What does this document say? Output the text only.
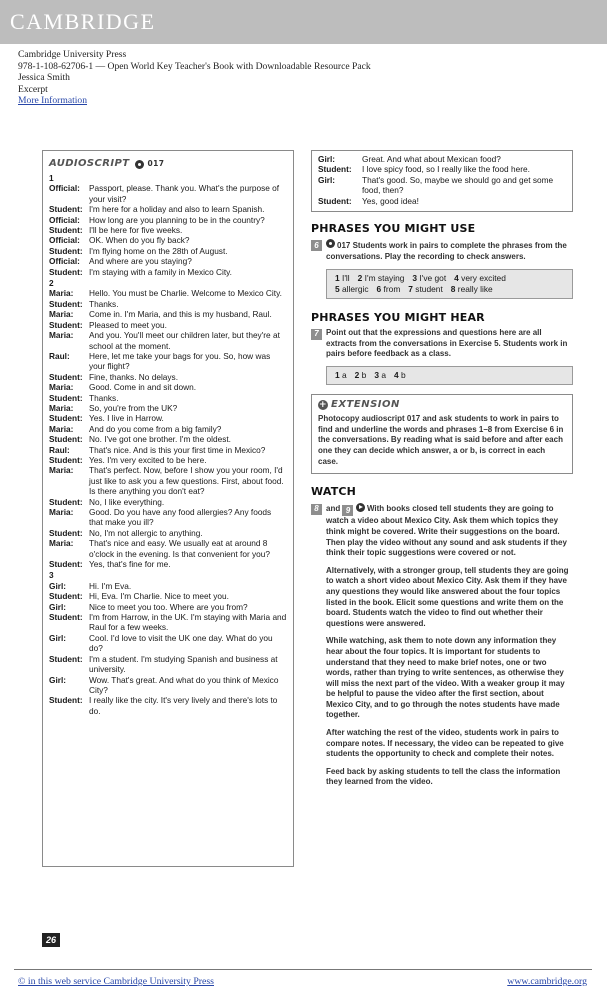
CAMBRIDGE
Cambridge University Press
978-1-108-62706-1 — Open World Key Teacher's Book with Downloadable Resource Pack
Jessica Smith
Excerpt
More Information
AUDIOSCRIPT 017
1
Official:	Passport, please. Thank you. What's the purpose of your visit?
Student: I'm here for a holiday and also to learn Spanish.
Official:	How long are you planning to be in the country?
Student: I'll be here for five weeks.
Official:	OK. When do you fly back?
Student: I'm flying home on the 28th of August.
Official:	And where are you staying?
Student: I'm staying with a family in Mexico City.
2
Maria:	Hello. You must be Charlie. Welcome to Mexico City.
Student: Thanks.
Maria:	Come in. I'm Maria, and this is my husband, Raul.
Student: Pleased to meet you.
Maria:	And you. You'll meet our children later, but they're at school at the moment.
Raul:	Here, let me take your bags for you. So, how was your flight?
Student: Fine, thanks. No delays.
Maria:	Good. Come in and sit down.
Student: Thanks.
Maria:	So, you're from the UK?
Student: Yes. I live in Harrow.
Maria:	And do you come from a big family?
Student: No. I've got one brother. I'm the oldest.
Raul:	That's nice. And is this your first time in Mexico?
Student: Yes. I'm very excited to be here.
Maria:	That's perfect. Now, before I show you your room, I'd just like to ask you a few questions. First, about food. Is there anything you don't eat?
Student: No, I like everything.
Maria:	Good. Do you have any food allergies? Any foods that make you ill?
Student: No, I'm not allergic to anything.
Maria:	That's nice and easy. We usually eat at around 8 o'clock in the evening. Is that convenient for you?
Student: Yes, that's fine for me.
3
Girl:	Hi. I'm Eva.
Student: Hi, Eva. I'm Charlie. Nice to meet you.
Girl:	Nice to meet you too. Where are you from?
Student: I'm from Harrow, in the UK. I'm staying with Maria and Raul for a few weeks.
Girl:	Cool. I'd love to visit the UK one day. What do you do?
Student: I'm a student. I'm studying Spanish and business at university.
Girl:	Wow. That's great. And what do you think of Mexico City?
Student: I really like the city. It's very lively and there's lots to do.
Girl:	Great. And what about Mexican food?
Student:	I love spicy food, so I really like the food here.
Girl:	That's good. So, maybe we should go and get some food, then?
Student:	Yes, good idea!
PHRASES YOU MIGHT USE
6	017 Students work in pairs to complete the phrases from the conversations. Play the recording to check answers.
1 I'll 2 I'm staying 3 I've got 4 very excited
5 allergic 6 from 7 student 8 really like
PHRASES YOU MIGHT HEAR
7 Point out that the expressions and questions here are all extracts from the conversations in Exercise 5. Students work in pairs before feedback as a class.
1 a 2 b 3 a 4 b
+ EXTENSION
Photocopy audioscript 017 and ask students to work in pairs to find and underline the words and phrases 1–8 from Exercise 6 in the conversations. By reading what is said before and after each one they can decide which answer, a or b, is correct in each case.
WATCH
8 and 9 With books closed tell students they are going to watch a video about Mexico City. Ask them which topics they think might be covered. Write their suggestions on the board. Then play the video without any sound and ask students if they think their topic suggestions were covered or not.
Alternatively, with a stronger group, tell students they are going to watch a short video about Mexico City. Ask them if they have any questions they would like answered about the four topics listed in the book. Elicit some questions and write them on the board. Students watch the video to find out whether their questions were answered.
While watching, ask them to note down any information they hear about the four topics. It is important for students to understand that they need to make brief notes, one or two words, rather than trying to write sentences, as otherwise they will miss the next part of the video. With a weaker group it may be helpful to pause the video after the first section, about Mexico City, and to go through the notes students have made together.
After watching the rest of the video, students work in pairs to compare notes. If necessary, the video can be repeated to give students the opportunity to check and complete their notes.
Feed back by asking students to tell the class the information they learned from the video.
26
© in this web service Cambridge University Press	www.cambridge.org
